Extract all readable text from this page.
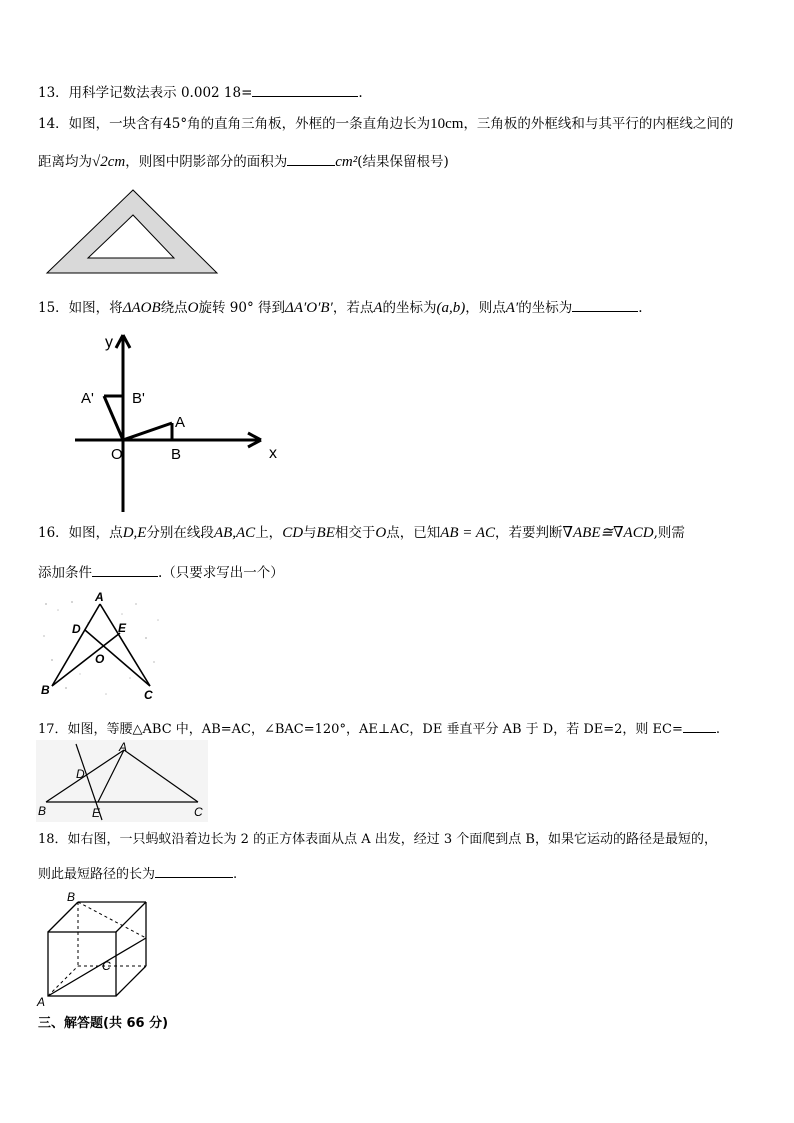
13．用科学记数法表示 0.002 18=	.
14．如图，一块含有45°角的直角三角板，外框的一条直角边长为10cm，三角板的外框线和与其平行的内框线之间的
距离均为√2cm，则图中阴影部分的面积为	cm²(结果保留根号)
15．如图，将ΔAOB绕点O旋转 90° 得到ΔA′O′B′，若点A的坐标为(a,b)，则点A′的坐标为	.
y
x
O	B
A
A'	B'
16．如图，点D,E分别在线段AB,AC上，CD与BE相交于O点，已知AB = AC，若要判断∇ABE≅∇ACD,则需
添加条件	.（只要求写出一个）
A
D	E
O
B	C
17．如图，等腰△ABC 中，AB=AC，∠BAC=120°，AE⊥AC，DE 垂直平分 AB 于 D，若 DE=2，则 EC=	.
A
D
B	E	C
18．如右图，一只蚂蚁沿着边长为 2 的正方体表面从点 A 出发，经过 3 个面爬到点 B，如果它运动的路径是最短的，
则此最短路径的长为	.
B
C
A
三、解答题(共 66 分)
